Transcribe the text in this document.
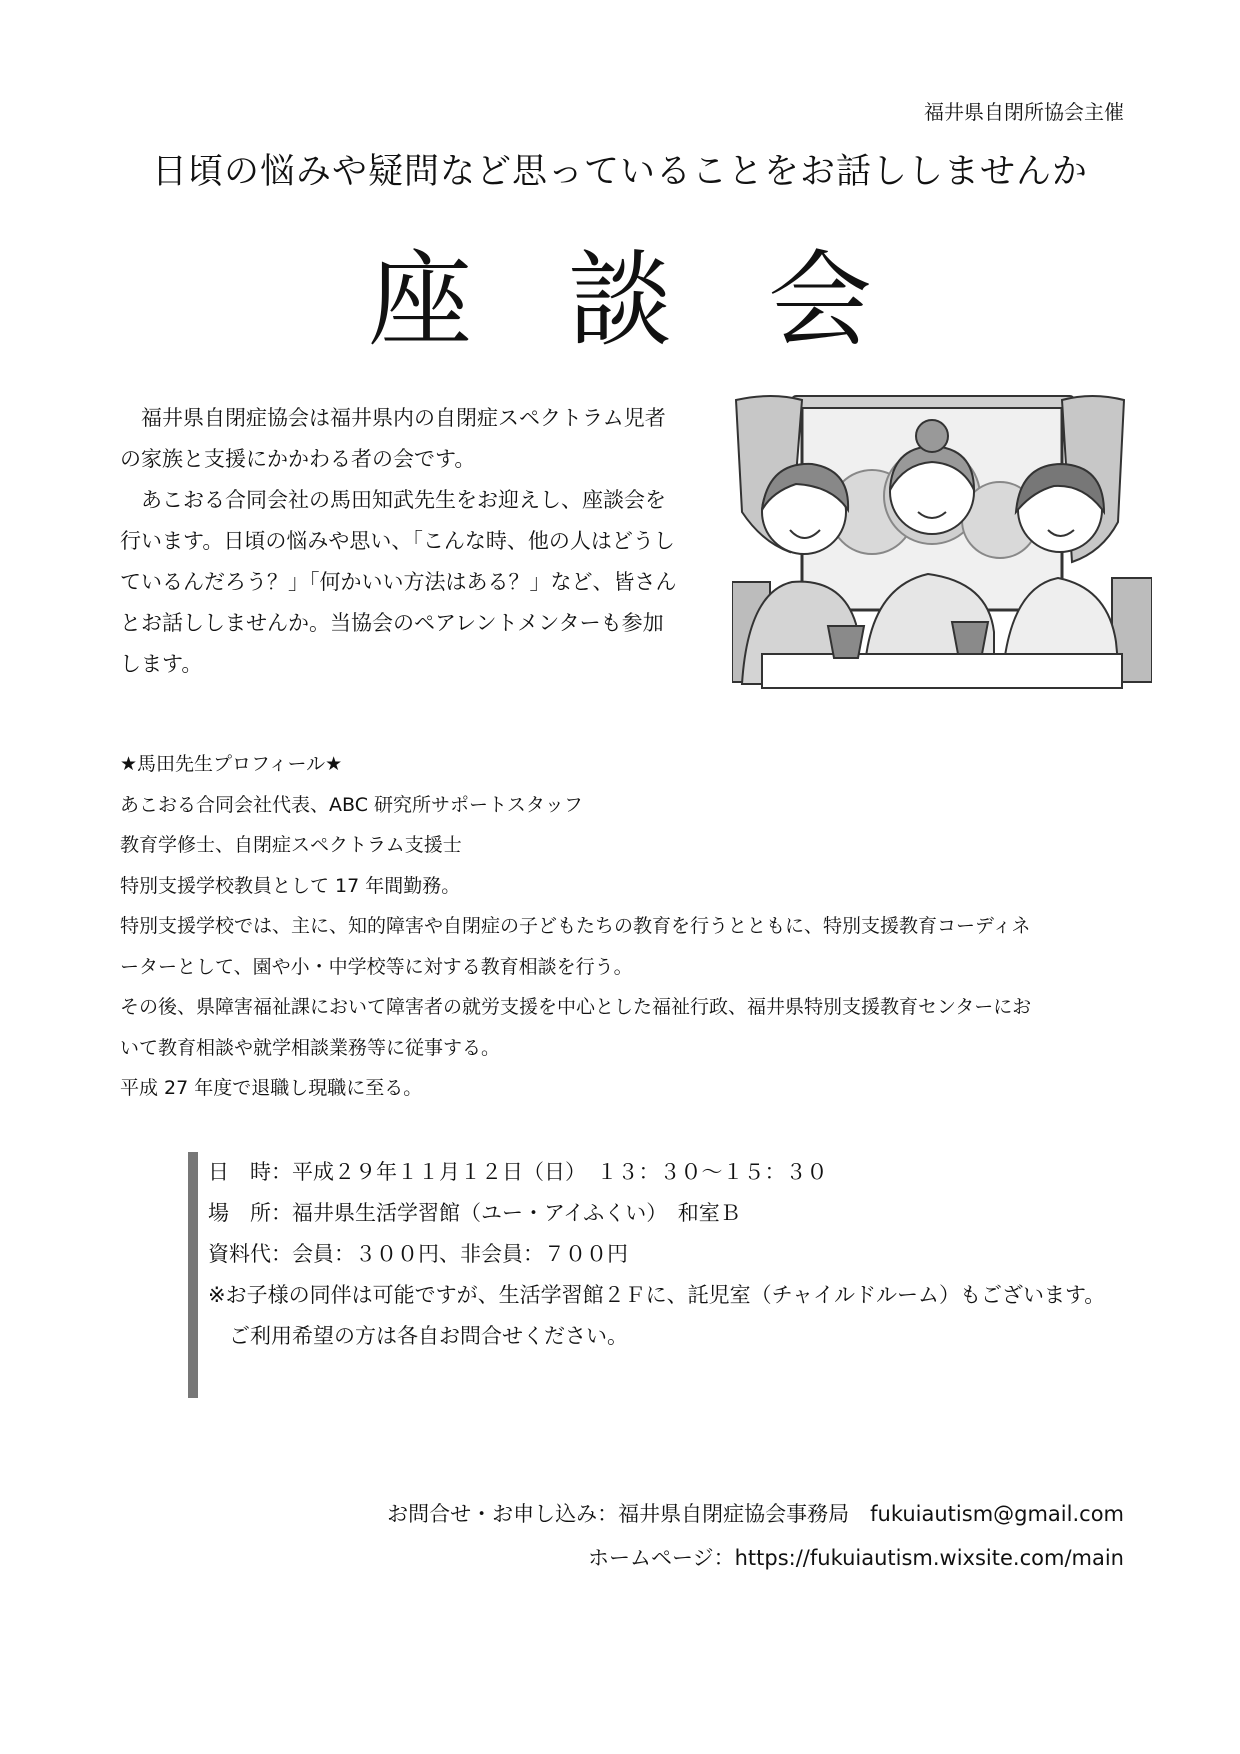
福井県自閉所協会主催
日頃の悩みや疑問など思っていることをお話ししませんか
座 談 会

福井県自閉症協会は福井県内の自閉症スペクトラム児者
の家族と支援にかかわる者の会です。

あこおる合同会社の馬田知武先生をお迎えし、座談会を
行います。日頃の悩みや思い、「こんな時、他の人はどうし
ているんだろう？」「何かいい方法はある？」など、皆さん
とお話ししませんか。当協会のペアレントメンターも参加
します。

★馬田先生プロフィール★
あこおる合同会社代表、ABC 研究所サポートスタッフ
教育学修士、自閉症スペクトラム支援士
特別支援学校教員として 17 年間勤務。
特別支援学校では、主に、知的障害や自閉症の子どもたちの教育を行うとともに、特別支援教育コーディネ
ーターとして、園や小・中学校等に対する教育相談を行う。
その後、県障害福祉課において障害者の就労支援を中心とした福祉行政、福井県特別支援教育センターにお
いて教育相談や就学相談業務等に従事する。
平成 27 年度で退職し現職に至る。
日　時：平成２９年１１月１２日（日）　１３：３０〜１５：３０
場　所：福井県生活学習館（ユー・アイふくい）　和室Ｂ
資料代：会員：３００円、非会員：７００円
※お子様の同伴は可能ですが、生活学習館２Ｆに、託児室（チャイルドルーム）もございます。
　ご利用希望の方は各自お問合せください。
お問合せ・お申し込み：福井県自閉症協会事務局　fukuiautism@gmail.com
ホームページ：https://fukuiautism.wixsite.com/main
